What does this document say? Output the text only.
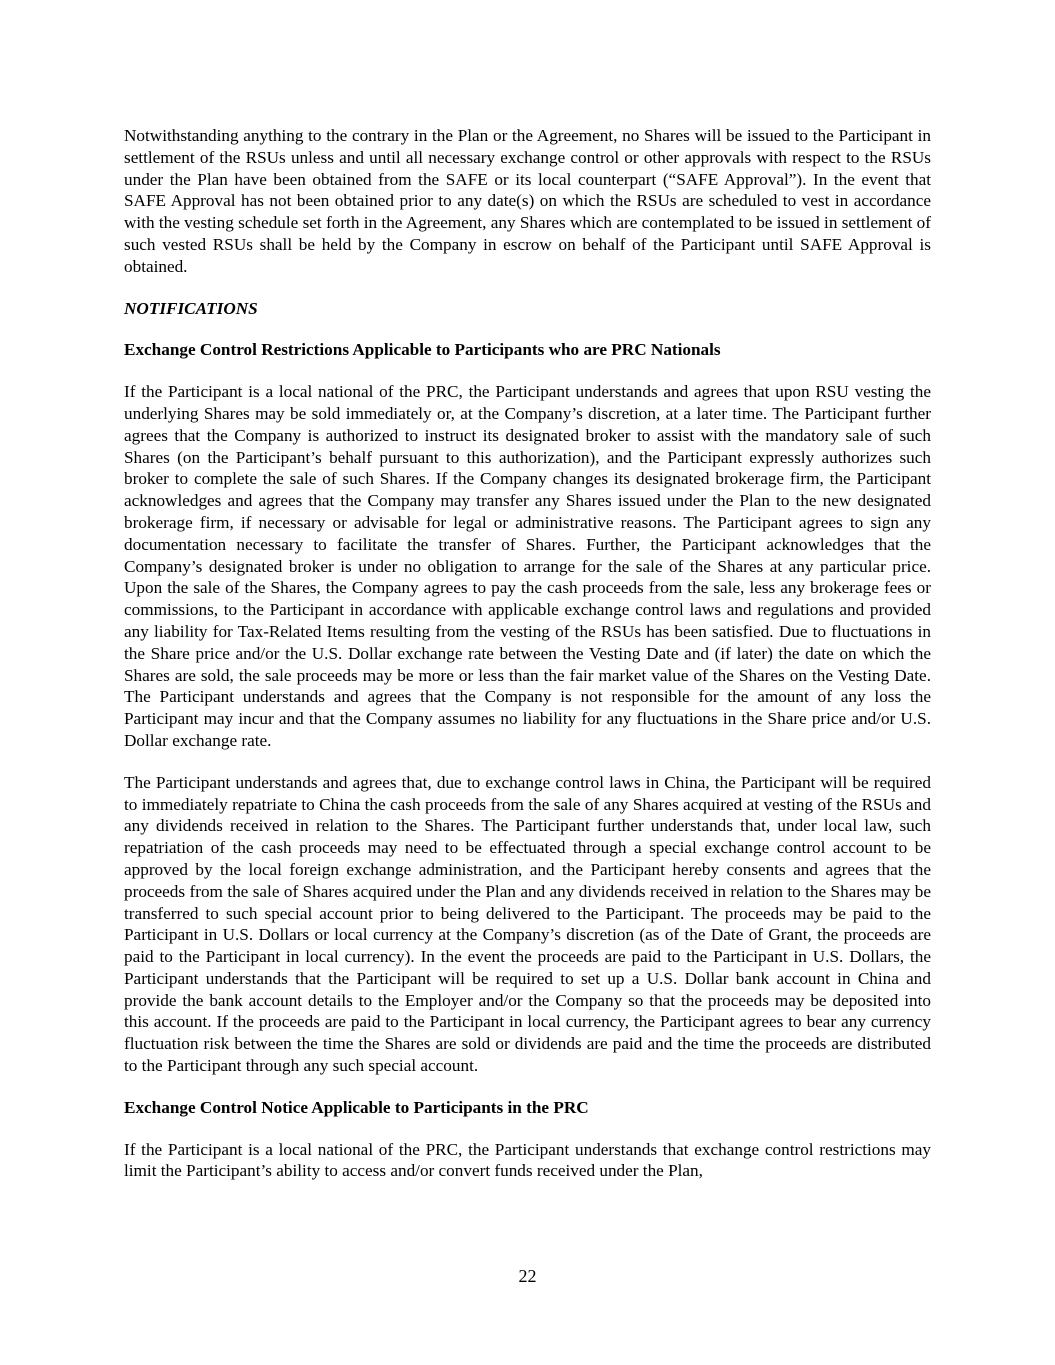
Notwithstanding anything to the contrary in the Plan or the Agreement, no Shares will be issued to the Participant in settlement of the RSUs unless and until all necessary exchange control or other approvals with respect to the RSUs under the Plan have been obtained from the SAFE or its local counterpart (“SAFE Approval”). In the event that SAFE Approval has not been obtained prior to any date(s) on which the RSUs are scheduled to vest in accordance with the vesting schedule set forth in the Agreement, any Shares which are contemplated to be issued in settlement of such vested RSUs shall be held by the Company in escrow on behalf of the Participant until SAFE Approval is obtained.

NOTIFICATIONS

Exchange Control Restrictions Applicable to Participants who are PRC Nationals

If the Participant is a local national of the PRC, the Participant understands and agrees that upon RSU vesting the underlying Shares may be sold immediately or, at the Company’s discretion, at a later time. The Participant further agrees that the Company is authorized to instruct its designated broker to assist with the mandatory sale of such Shares (on the Participant’s behalf pursuant to this authorization), and the Participant expressly authorizes such broker to complete the sale of such Shares. If the Company changes its designated brokerage firm, the Participant acknowledges and agrees that the Company may transfer any Shares issued under the Plan to the new designated brokerage firm, if necessary or advisable for legal or administrative reasons. The Participant agrees to sign any documentation necessary to facilitate the transfer of Shares. Further, the Participant acknowledges that the Company’s designated broker is under no obligation to arrange for the sale of the Shares at any particular price. Upon the sale of the Shares, the Company agrees to pay the cash proceeds from the sale, less any brokerage fees or commissions, to the Participant in accordance with applicable exchange control laws and regulations and provided any liability for Tax-Related Items resulting from the vesting of the RSUs has been satisfied. Due to fluctuations in the Share price and/or the U.S. Dollar exchange rate between the Vesting Date and (if later) the date on which the Shares are sold, the sale proceeds may be more or less than the fair market value of the Shares on the Vesting Date. The Participant understands and agrees that the Company is not responsible for the amount of any loss the Participant may incur and that the Company assumes no liability for any fluctuations in the Share price and/or U.S. Dollar exchange rate.

The Participant understands and agrees that, due to exchange control laws in China, the Participant will be required to immediately repatriate to China the cash proceeds from the sale of any Shares acquired at vesting of the RSUs and any dividends received in relation to the Shares. The Participant further understands that, under local law, such repatriation of the cash proceeds may need to be effectuated through a special exchange control account to be approved by the local foreign exchange administration, and the Participant hereby consents and agrees that the proceeds from the sale of Shares acquired under the Plan and any dividends received in relation to the Shares may be transferred to such special account prior to being delivered to the Participant. The proceeds may be paid to the Participant in U.S. Dollars or local currency at the Company’s discretion (as of the Date of Grant, the proceeds are paid to the Participant in local currency). In the event the proceeds are paid to the Participant in U.S. Dollars, the Participant understands that the Participant will be required to set up a U.S. Dollar bank account in China and provide the bank account details to the Employer and/or the Company so that the proceeds may be deposited into this account. If the proceeds are paid to the Participant in local currency, the Participant agrees to bear any currency fluctuation risk between the time the Shares are sold or dividends are paid and the time the proceeds are distributed to the Participant through any such special account.

Exchange Control Notice Applicable to Participants in the PRC

If the Participant is a local national of the PRC, the Participant understands that exchange control restrictions may limit the Participant’s ability to access and/or convert funds received under the Plan,

22
